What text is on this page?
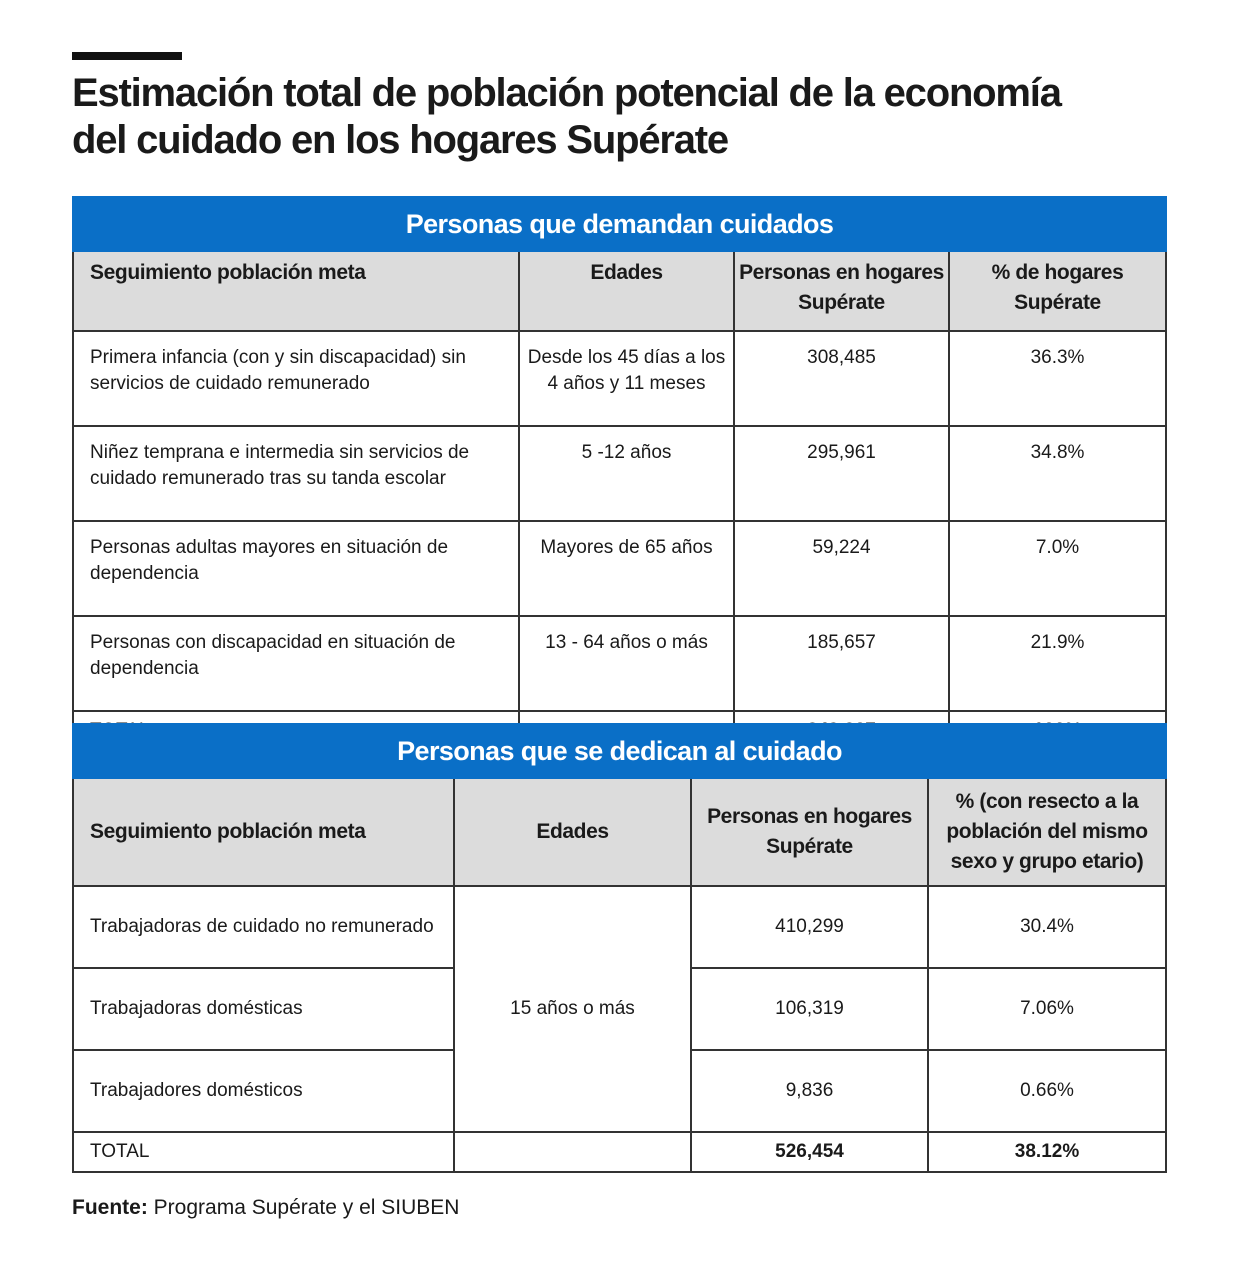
Estimación total de población potencial de la economía
del cuidado en los hogares Supérate
Personas que demandan cuidados			
Seguimiento población meta	Edades	Personas en hogares Supérate	% de hogares Supérate
Primera infancia (con y sin discapacidad) sin servicios de cuidado remunerado	Desde los 45 días a los 4 años y 11 meses	308,485	36.3%
Niñez temprana e intermedia sin servicios de cuidado remunerado tras su tanda escolar	5 -12 años	295,961	34.8%
Personas adultas mayores en situación de dependencia	Mayores de 65 años	59,224	7.0%
Personas con discapacidad en situación de dependencia	13 - 64 años o más	185,657	21.9%

Personas que se dedican al cuidado			
Seguimiento población meta	Edades	Personas en hogares Supérate	% (con resecto a la población del mismo sexo y grupo etario)
Trabajadoras de cuidado no remunerado	15 años o más	410,299	30.4%
Trabajadoras domésticas		106,319	7.06%
Trabajadores domésticos		9,836	0.66%
TOTAL		526,454	38.12%
Fuente: Programa Supérate y el SIUBEN
